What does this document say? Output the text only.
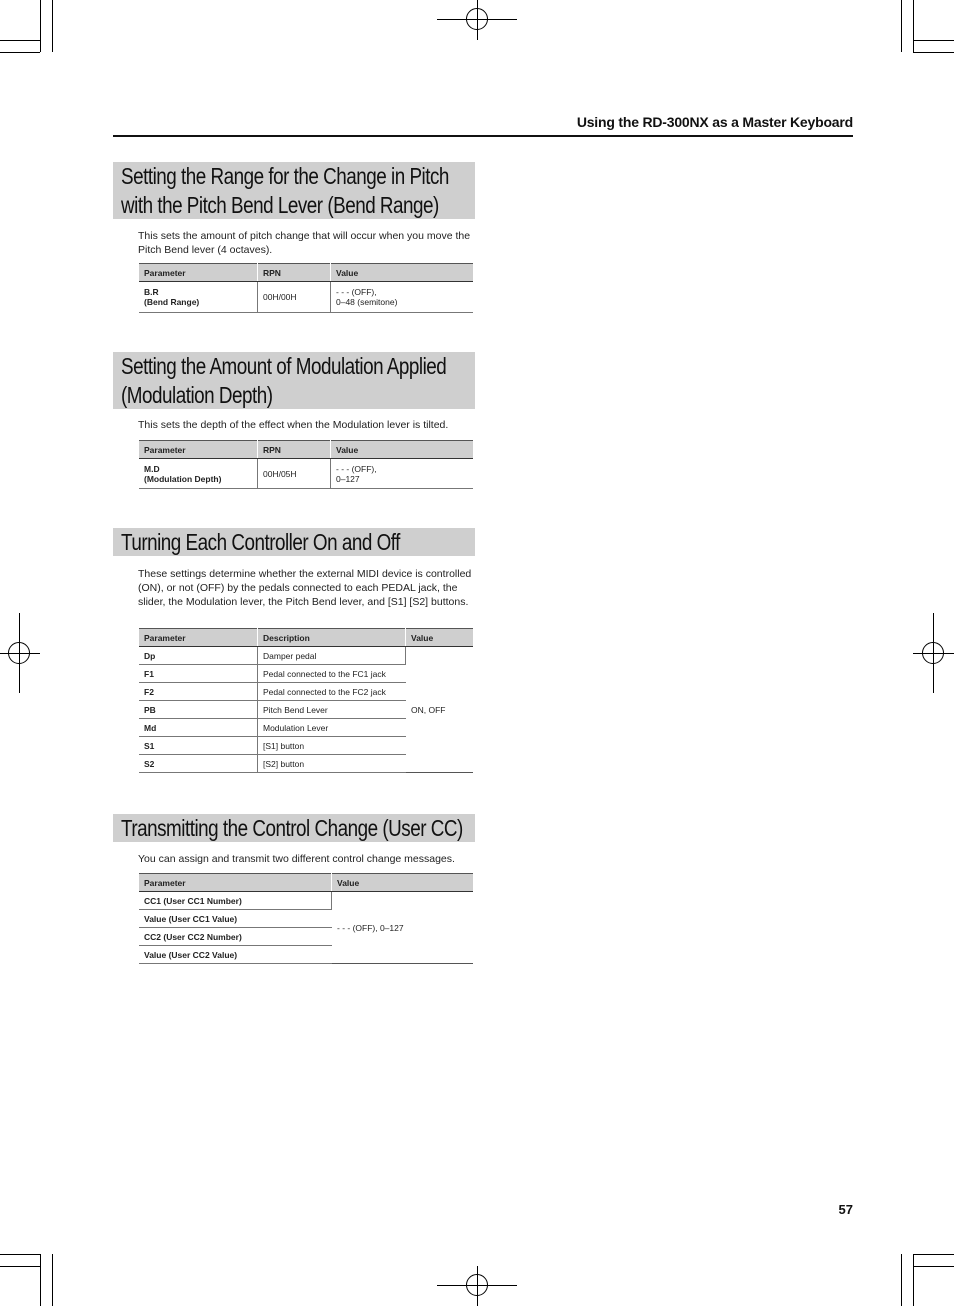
Using the RD-300NX as a Master Keyboard
Setting the Range for the Change in Pitch
with the Pitch Bend Lever (Bend Range)
This sets the amount of pitch change that will occur when you move the Pitch Bend lever (4 octaves).
Parameter	RPN	Value
B.R
(Bend Range)	00H/00H	- - - (OFF),
0–48 (semitone)
Setting the Amount of Modulation Applied
(Modulation Depth)
This sets the depth of the effect when the Modulation lever is tilted.
Parameter	RPN	Value
M.D
(Modulation Depth)	00H/05H	- - - (OFF),
0–127
Turning Each Controller On and Off
These settings determine whether the external MIDI device is controlled (ON), or not (OFF) by the pedals connected to each PEDAL jack, the slider, the Modulation lever, the Pitch Bend lever, and [S1] [S2] buttons.
Parameter	Description	Value
Dp	Damper pedal	ON, OFF
F1	Pedal connected to the FC1 jack	
F2	Pedal connected to the FC2 jack	
PB	Pitch Bend Lever	
Md	Modulation Lever	
S1	[S1] button	
S2	[S2] button	
Transmitting the Control Change (User CC)
You can assign and transmit two different control change messages.
Parameter	Value
CC1 (User CC1 Number)	- - - (OFF), 0–127
Value (User CC1 Value)	
CC2 (User CC2 Number)	
Value (User CC2 Value)	
57
